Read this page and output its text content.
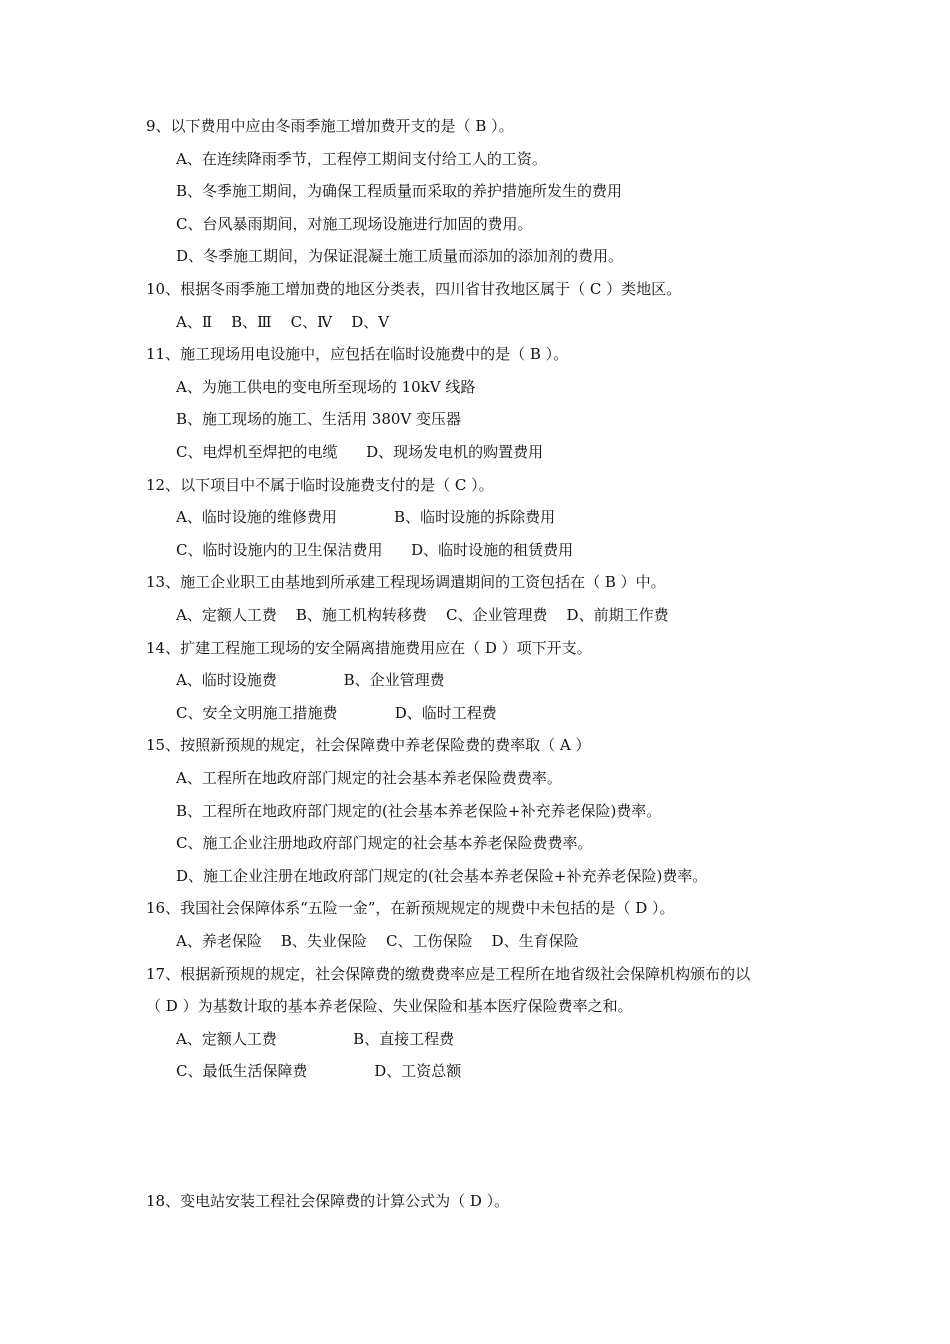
9、以下费用中应由冬雨季施工增加费开支的是（ B ）。
A、在连续降雨季节，工程停工期间支付给工人的工资。
B、冬季施工期间，为确保工程质量而采取的养护措施所发生的费用
C、台风暴雨期间，对施工现场设施进行加固的费用。
D、冬季施工期间，为保证混凝土施工质量而添加的添加剂的费用。
10、根据冬雨季施工增加费的地区分类表，四川省甘孜地区属于（ C ）类地区。
A、Ⅱ    B、Ⅲ    C、Ⅳ    D、Ⅴ
11、施工现场用电设施中，应包括在临时设施费中的是（ B ）。
A、为施工供电的变电所至现场的 10kV 线路
B、施工现场的施工、生活用 380V 变压器
C、电焊机至焊把的电缆      D、现场发电机的购置费用
12、以下项目中不属于临时设施费支付的是（ C ）。
A、临时设施的维修费用            B、临时设施的拆除费用
C、临时设施内的卫生保洁费用      D、临时设施的租赁费用
13、施工企业职工由基地到所承建工程现场调遣期间的工资包括在（ B ）中。
A、定额人工费    B、施工机构转移费    C、企业管理费    D、前期工作费
14、扩建工程施工现场的安全隔离措施费用应在（ D ）项下开支。
A、临时设施费              B、企业管理费
C、安全文明施工措施费            D、临时工程费
15、按照新预规的规定，社会保障费中养老保险费的费率取（ A ）
A、工程所在地政府部门规定的社会基本养老保险费费率。
B、工程所在地政府部门规定的(社会基本养老保险+补充养老保险)费率。
C、施工企业注册地政府部门规定的社会基本养老保险费费率。
D、施工企业注册在地政府部门规定的(社会基本养老保险+补充养老保险)费率。
16、我国社会保障体系“五险一金”，在新预规规定的规费中未包括的是（ D ）。
A、养老保险    B、失业保险    C、工伤保险    D、生育保险
17、根据新预规的规定，社会保障费的缴费费率应是工程所在地省级社会保障机构颁布的以
（ D ）为基数计取的基本养老保险、失业保险和基本医疗保险费率之和。
A、定额人工费                B、直接工程费
C、最低生活保障费              D、工资总额
18、变电站安装工程社会保障费的计算公式为（ D ）。
